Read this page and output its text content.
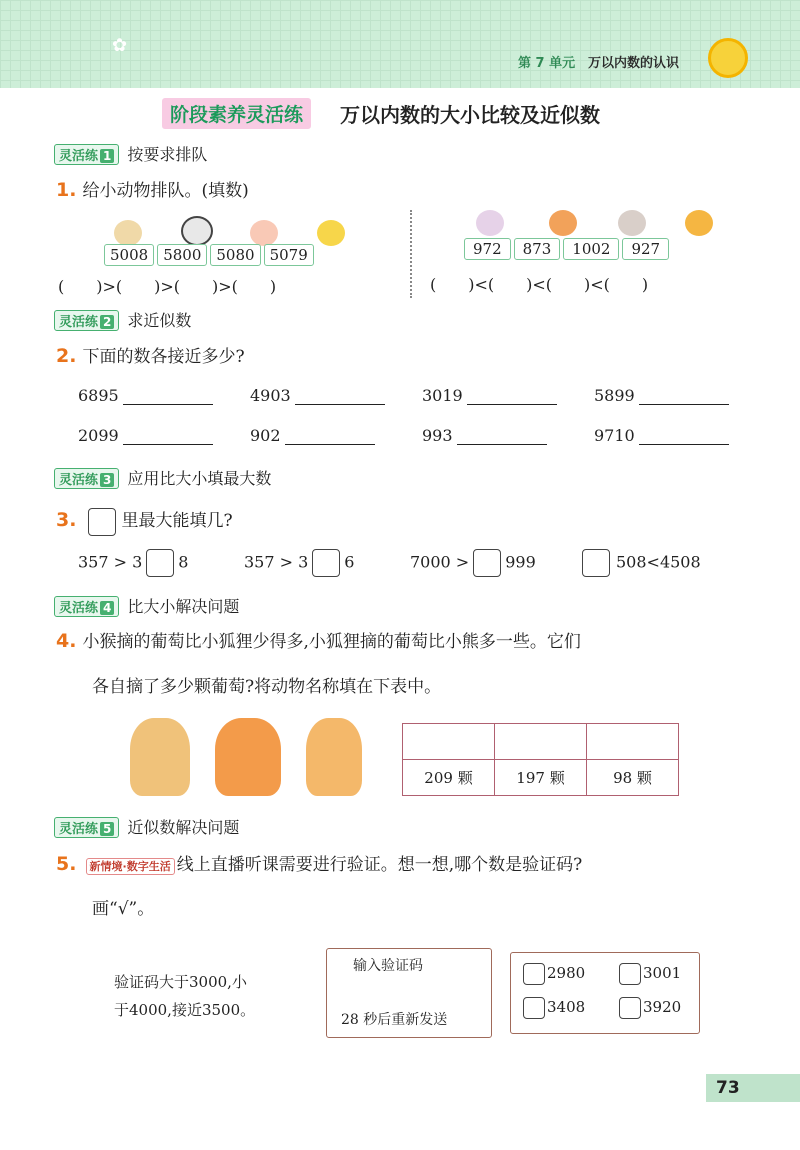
✿
第 7 单元 万以内数的认识
阶段素养灵活练	万以内数的大小比较及近似数
灵活练 1 按要求排队
1. 给小动物排队。(填数)

5008 5800 5080 5079
(　　)>(　　)>(　　)>(　　)

972 873 1002 927
(　　)<(　　)<(　　)<(　　)
灵活练 2 求近似数
2. 下面的数各接近多少?
6895	4903	3019	5899
2099	902	993	9710
灵活练 3 应用比大小填最大数
3.	里最大能填几?
357 > 3 8	357 > 3 6	7000 > 999	508<4508
灵活练 4 比大小解决问题
4. 小猴摘的葡萄比小狐狸少得多,小狐狸摘的葡萄比小熊多一些。它们
各自摘了多少颗葡萄?将动物名称填在下表中。

209 颗	197 颗	98 颗
灵活练 5 近似数解决问题
5. 新情境·数字生活 线上直播听课需要进行验证。想一想,哪个数是验证码?
画“√”。
验证码大于3000,小
于4000,接近3500。
输入验证码
28 秒后重新发送
2980	3001
3408	3920
73
